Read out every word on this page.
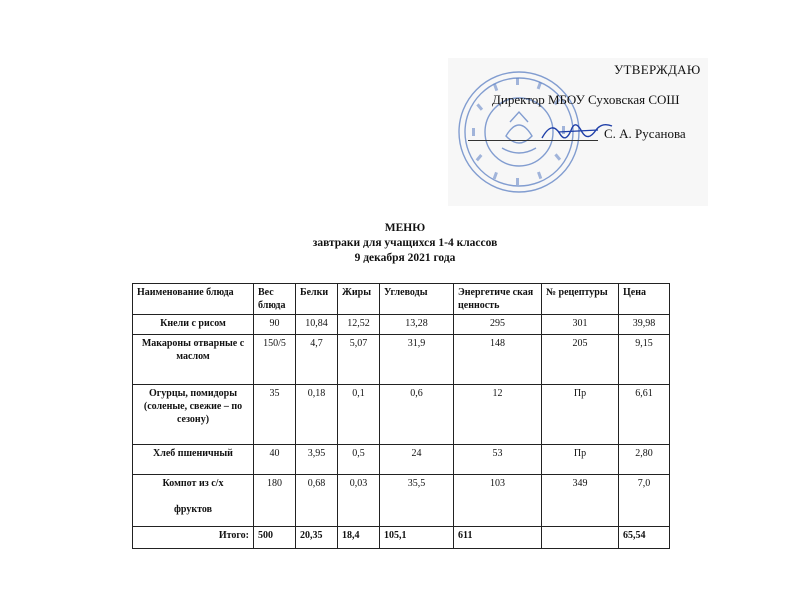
УТВЕРЖДАЮ
Директор МБОУ Суховская СОШ
С. А. Русанова
МЕНЮ
завтраки для учащихся 1-4 классов
9 декабря 2021 года
Наименование блюда	Вес блюда	Белки	Жиры	Углеводы	Энергетиче ская ценность	№ рецептуры	Цена
Кнели с рисом	90	10,84	12,52	13,28	295	301	39,98
Макароны отварные с маслом	150/5	4,7	5,07	31,9	148	205	9,15
Огурцы, помидоры (соленые, свежие – по сезону)	35	0,18	0,1	0,6	12	Пр	6,61
Хлеб пшеничный	40	3,95	0,5	24	53	Пр	2,80

Компот из с/х
фруктов	180	0,68	0,03	35,5	103	349	7,0
Итого:	500	20,35	18,4	105,1	611		65,54
